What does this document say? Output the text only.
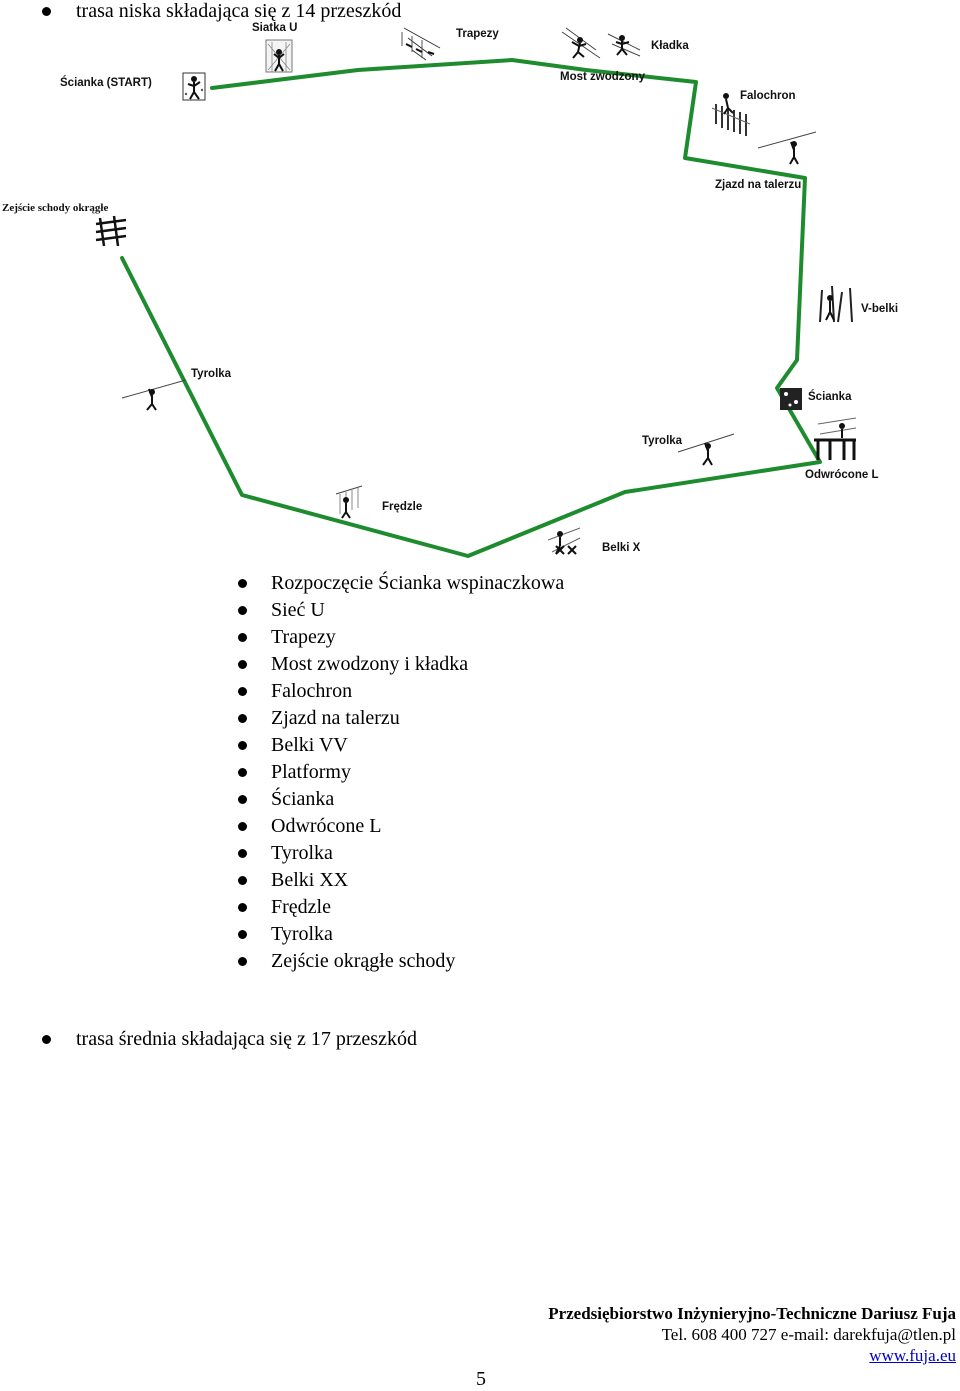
trasa niska składająca się z 14 przeszkód
Ścianka (START)
Siatka U	Trapezy
Kładka
Most zwodzony
Falochron
Zjazd na talerzu
Zejście schody okrągłe
V-belki
Tyrolka
Ścianka
Tyrolka
Odwrócone L
Frędzle
Belki X
Rozpoczęcie Ścianka wspinaczkowa
Sieć U
Trapezy
Most zwodzony i kładka
Falochron
Zjazd na talerzu
Belki VV
Platformy
Ścianka
Odwrócone L
Tyrolka
Belki XX
Frędzle
Tyrolka
Zejście okrągłe schody
trasa średnia składająca się z 17 przeszkód
Przedsiębiorstwo Inżynieryjno-Techniczne Dariusz Fuja
Tel. 608 400 727 e-mail: darekfuja@tlen.pl
www.fuja.eu
5
